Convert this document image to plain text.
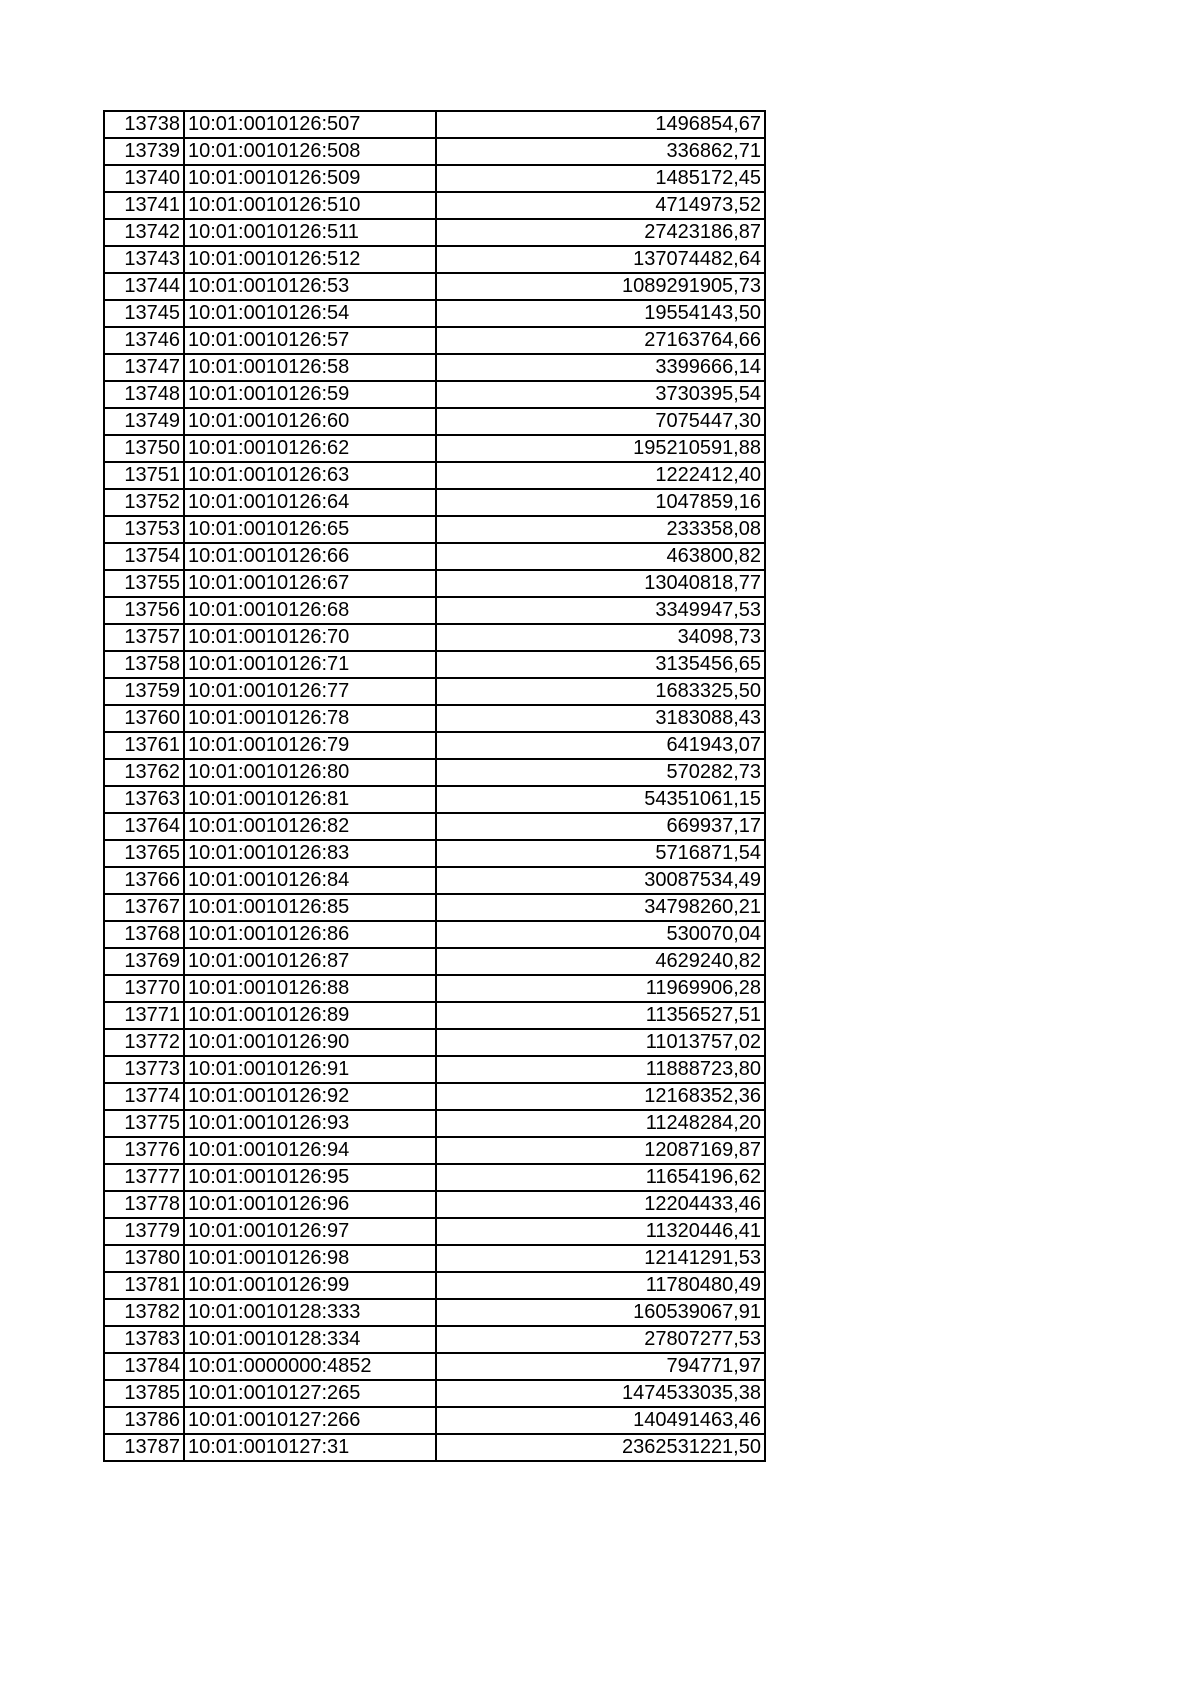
13738	10:01:0010126:507	1496854,67
13739	10:01:0010126:508	336862,71
13740	10:01:0010126:509	1485172,45
13741	10:01:0010126:510	4714973,52
13742	10:01:0010126:511	27423186,87
13743	10:01:0010126:512	137074482,64
13744	10:01:0010126:53	1089291905,73
13745	10:01:0010126:54	19554143,50
13746	10:01:0010126:57	27163764,66
13747	10:01:0010126:58	3399666,14
13748	10:01:0010126:59	3730395,54
13749	10:01:0010126:60	7075447,30
13750	10:01:0010126:62	195210591,88
13751	10:01:0010126:63	1222412,40
13752	10:01:0010126:64	1047859,16
13753	10:01:0010126:65	233358,08
13754	10:01:0010126:66	463800,82
13755	10:01:0010126:67	13040818,77
13756	10:01:0010126:68	3349947,53
13757	10:01:0010126:70	34098,73
13758	10:01:0010126:71	3135456,65
13759	10:01:0010126:77	1683325,50
13760	10:01:0010126:78	3183088,43
13761	10:01:0010126:79	641943,07
13762	10:01:0010126:80	570282,73
13763	10:01:0010126:81	54351061,15
13764	10:01:0010126:82	669937,17
13765	10:01:0010126:83	5716871,54
13766	10:01:0010126:84	30087534,49
13767	10:01:0010126:85	34798260,21
13768	10:01:0010126:86	530070,04
13769	10:01:0010126:87	4629240,82
13770	10:01:0010126:88	11969906,28
13771	10:01:0010126:89	11356527,51
13772	10:01:0010126:90	11013757,02
13773	10:01:0010126:91	11888723,80
13774	10:01:0010126:92	12168352,36
13775	10:01:0010126:93	11248284,20
13776	10:01:0010126:94	12087169,87
13777	10:01:0010126:95	11654196,62
13778	10:01:0010126:96	12204433,46
13779	10:01:0010126:97	11320446,41
13780	10:01:0010126:98	12141291,53
13781	10:01:0010126:99	11780480,49
13782	10:01:0010128:333	160539067,91
13783	10:01:0010128:334	27807277,53
13784	10:01:0000000:4852	794771,97
13785	10:01:0010127:265	1474533035,38
13786	10:01:0010127:266	140491463,46
13787	10:01:0010127:31	2362531221,50
